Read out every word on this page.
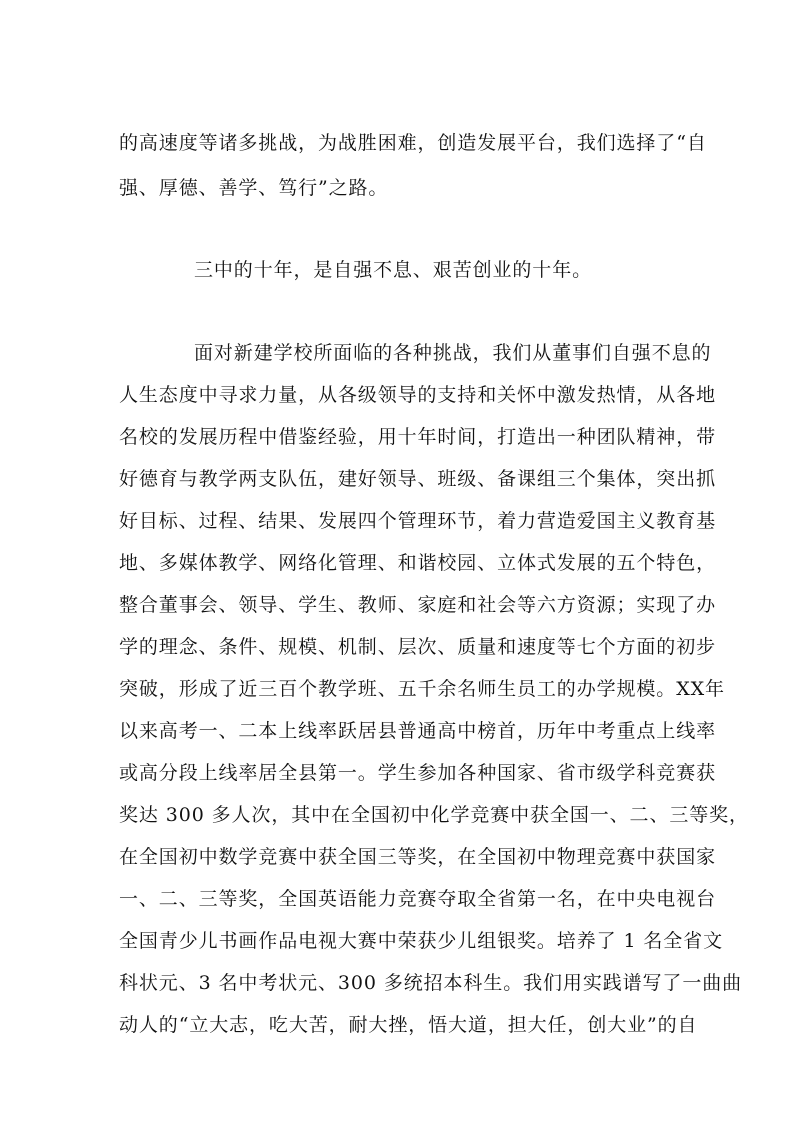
的高速度等诸多挑战，为战胜困难，创造发展平台，我们选择了“自
强、厚德、善学、笃行”之路。
三中的十年，是自强不息、艰苦创业的十年。
面对新建学校所面临的各种挑战，我们从董事们自强不息的
人生态度中寻求力量，从各级领导的支持和关怀中激发热情，从各地
名校的发展历程中借鉴经验，用十年时间，打造出一种团队精神，带
好德育与教学两支队伍，建好领导、班级、备课组三个集体，突出抓
好目标、过程、结果、发展四个管理环节，着力营造爱国主义教育基
地、多媒体教学、网络化管理、和谐校园、立体式发展的五个特色，
整合董事会、领导、学生、教师、家庭和社会等六方资源；实现了办
学的理念、条件、规模、机制、层次、质量和速度等七个方面的初步
突破，形成了近三百个教学班、五千余名师生员工的办学规模。XX年
以来高考一、二本上线率跃居县普通高中榜首，历年中考重点上线率
或高分段上线率居全县第一。学生参加各种国家、省市级学科竞赛获
奖达 300 多人次，其中在全国初中化学竞赛中获全国一、二、三等奖，
在全国初中数学竞赛中获全国三等奖，在全国初中物理竞赛中获国家
一、二、三等奖，全国英语能力竞赛夺取全省第一名，在中央电视台
全国青少儿书画作品电视大赛中荣获少儿组银奖。培养了 1 名全省文
科状元、3 名中考状元、300 多统招本科生。我们用实践谱写了一曲曲
动人的“立大志，吃大苦，耐大挫，悟大道，担大任，创大业”的自
